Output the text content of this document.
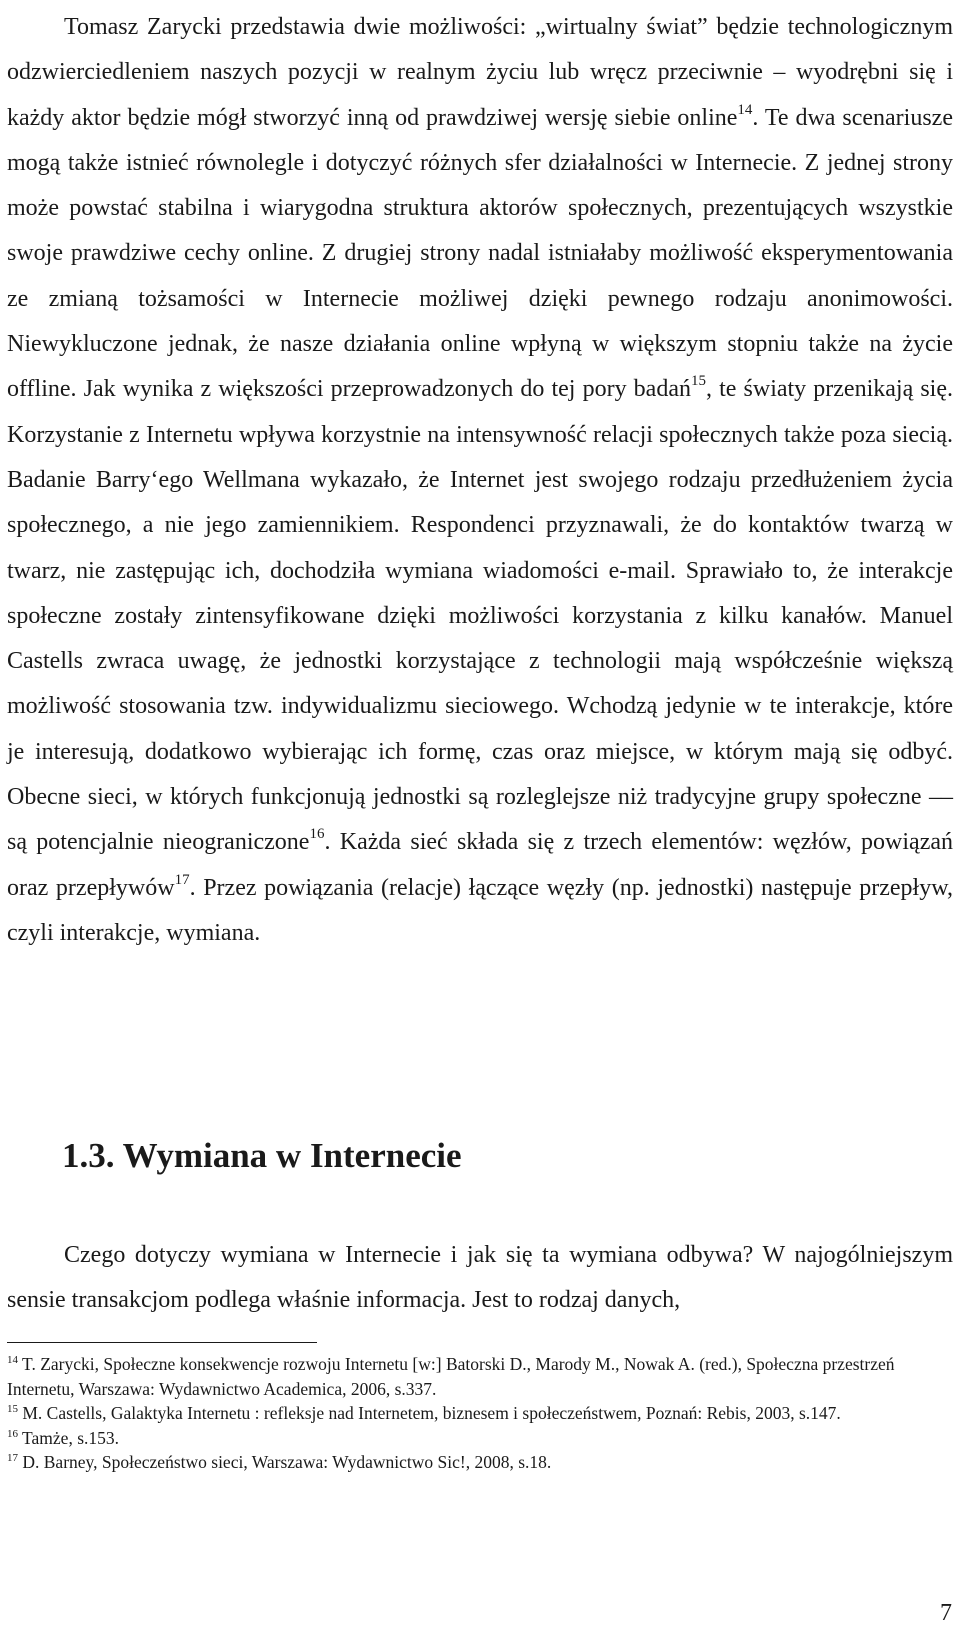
Tomasz Zarycki przedstawia dwie możliwości: „wirtualny świat” będzie technologicznym odzwierciedleniem naszych pozycji w realnym życiu lub wręcz przeciwnie – wyodrębni się i każdy aktor będzie mógł stworzyć inną od prawdziwej wersję siebie online$^{14}$. Te dwa scenariusze mogą także istnieć równolegle i dotyczyć różnych sfer działalności w Internecie. Z jednej strony może powstać stabilna i wiarygodna struktura aktorów społecznych, prezentujących wszystkie swoje prawdziwe cechy online. Z drugiej strony nadal istniałaby możliwość eksperymentowania ze zmianą tożsamości w Internecie możliwej dzięki pewnego rodzaju anonimowości. Niewykluczone jednak, że nasze działania online wpłyną w większym stopniu także na życie offline. Jak wynika z większości przeprowadzonych do tej pory badań$^{15}$, te światy przenikają się. Korzystanie z Internetu wpływa korzystnie na intensywność relacji społecznych także poza siecią. Badanie Barry‘ego Wellmana wykazało, że Internet jest swojego rodzaju przedłużeniem życia społecznego, a nie jego zamiennikiem. Respondenci przyznawali, że do kontaktów twarzą w twarz, nie zastępując ich, dochodziła wymiana wiadomości e-mail. Sprawiało to, że interakcje społeczne zostały zintensyfikowane dzięki możliwości korzystania z kilku kanałów. Manuel Castells zwraca uwagę, że jednostki korzystające z technologii mają współcześnie większą możliwość stosowania tzw. indywidualizmu sieciowego. Wchodzą jedynie w te interakcje, które je interesują, dodatkowo wybierając ich formę, czas oraz miejsce, w którym mają się odbyć. Obecne sieci, w których funkcjonują jednostki są rozleglejsze niż tradycyjne grupy społeczne –– są potencjalnie nieograniczone$^{16}$. Każda sieć składa się z trzech elementów: węzłów, powiązań oraz przepływów$^{17}$. Przez powiązania (relacje) łączące węzły (np. jednostki) następuje przepływ, czyli interakcje, wymiana.

1.3. Wymiana w Internecie

Czego dotyczy wymiana w Internecie i jak się ta wymiana odbywa? W najogólniejszym sensie transakcjom podlega właśnie informacja. Jest to rodzaj danych,

$^{14}$ T. Zarycki, Społeczne konsekwencje rozwoju Internetu [w:] Batorski D., Marody M., Nowak A. (red.), Społeczna przestrzeń Internetu, Warszawa: Wydawnictwo Academica, 2006, s.337.

$^{15}$ M. Castells, Galaktyka Internetu : refleksje nad Internetem, biznesem i społeczeństwem, Poznań: Rebis, 2003, s.147.

$^{16}$ Tamże, s.153.

$^{17}$ D. Barney, Społeczeństwo sieci, Warszawa: Wydawnictwo Sic!, 2008, s.18.

7
